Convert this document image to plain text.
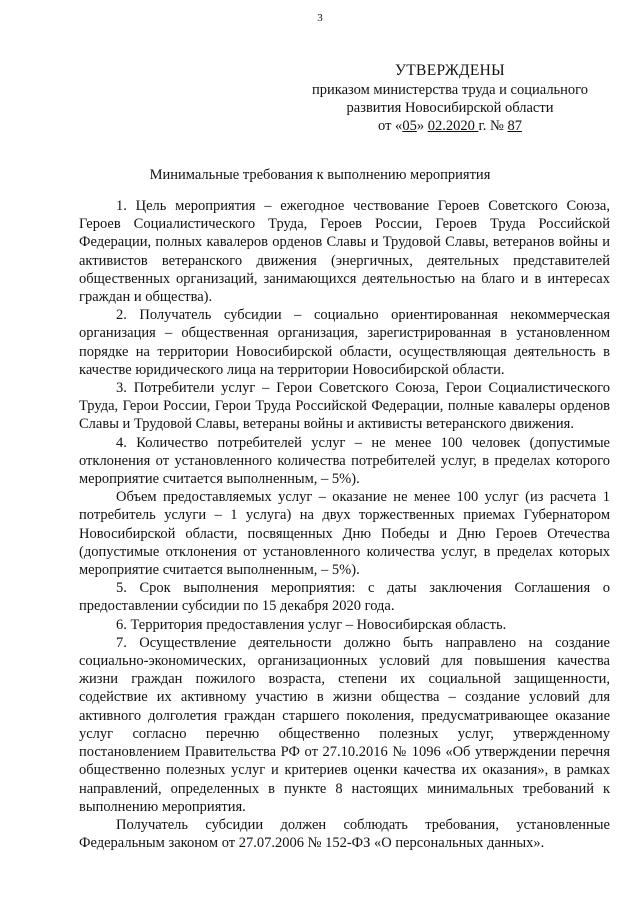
3
УТВЕРЖДЕНЫ
приказом министерства труда и социального
развития Новосибирской области
от «05» 02.2020 г. № 87
Минимальные требования к выполнению мероприятия

1. Цель мероприятия – ежегодное чествование Героев Советского Союза, Героев Социалистического Труда, Героев России, Героев Труда Российской Федерации, полных кавалеров орденов Славы и Трудовой Славы, ветеранов войны и активистов ветеранского движения (энергичных, деятельных представителей общественных организаций, занимающихся деятельностью на благо и в интересах граждан и общества).

2. Получатель субсидии – социально ориентированная некоммерческая организация – общественная организация, зарегистрированная в установленном порядке на территории Новосибирской области, осуществляющая деятельность в качестве юридического лица на территории Новосибирской области.

3. Потребители услуг – Герои Советского Союза, Герои Социалистического Труда, Герои России, Герои Труда Российской Федерации, полные кавалеры орденов Славы и Трудовой Славы, ветераны войны и активисты ветеранского движения.

4. Количество потребителей услуг – не менее 100 человек (допустимые отклонения от установленного количества потребителей услуг, в пределах которого мероприятие считается выполненным, – 5%).

Объем предоставляемых услуг – оказание не менее 100 услуг (из расчета 1 потребитель услуги – 1 услуга) на двух торжественных приемах Губернатором Новосибирской области, посвященных Дню Победы и Дню Героев Отечества (допустимые отклонения от установленного количества услуг, в пределах которых мероприятие считается выполненным, – 5%).

5. Срок выполнения мероприятия: с даты заключения Соглашения о предоставлении субсидии по 15 декабря 2020 года.

6. Территория предоставления услуг – Новосибирская область.

7. Осуществление деятельности должно быть направлено на создание социально-экономических, организационных условий для повышения качества жизни граждан пожилого возраста, степени их социальной защищенности, содействие их активному участию в жизни общества – создание условий для активного долголетия граждан старшего поколения, предусматривающее оказание услуг согласно перечню общественно полезных услуг, утвержденному постановлением Правительства РФ от 27.10.2016 № 1096 «Об утверждении перечня общественно полезных услуг и критериев оценки качества их оказания», в рамках направлений, определенных в пункте 8 настоящих минимальных требований к выполнению мероприятия.

Получатель субсидии должен соблюдать требования, установленные Федеральным законом от 27.07.2006 № 152-ФЗ «О персональных данных».
